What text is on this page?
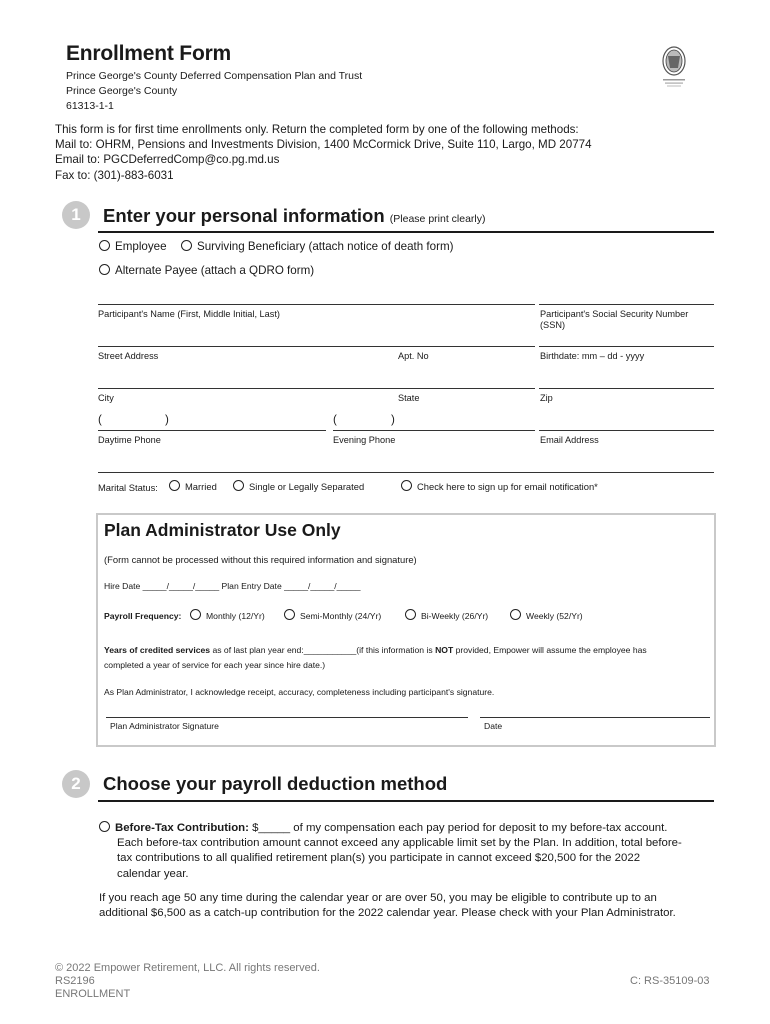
Enrollment Form
Prince George's County Deferred Compensation Plan and Trust
Prince George's County
61313-1-1
This form is for first time enrollments only. Return the completed form by one of the following methods:
Mail to: OHRM, Pensions and Investments Division, 1400 McCormick Drive, Suite 110, Largo, MD 20774
Email to: PGCDeferredComp@co.pg.md.us
Fax to: (301)-883-6031
1	Enter your personal information (Please print clearly)
Employee	Surviving Beneficiary (attach notice of death form)
Alternate Payee (attach a QDRO form)
Participant's Name (First, Middle Initial, Last)	Participant's Social Security Number
(SSN)
Street Address	Apt. No	Birthdate: mm – dd - yyyy
City	State	Zip
(	)	(	)
Daytime Phone	Evening Phone	Email Address
Marital Status:	Married	Single or Legally Separated	Check here to sign up for email notification*
Plan Administrator Use Only
(Form cannot be processed without this required information and signature)
Hire Date _____/_____/_____ Plan Entry Date _____/_____/_____
Payroll Frequency:	Monthly (12/Yr)	Semi-Monthly (24/Yr)	Bi-Weekly (26/Yr)	Weekly (52/Yr)
Years of credited services as of last plan year end:___________(if this information is NOT provided, Empower will assume the employee has
completed a year of service for each year since hire date.)
As Plan Administrator, I acknowledge receipt, accuracy, completeness including participant's signature.
Plan Administrator Signature	Date
2	Choose your payroll deduction method
Before-Tax Contribution: $_____ of my compensation each pay period for deposit to my before-tax account.
Each before-tax contribution amount cannot exceed any applicable limit set by the Plan. In addition, total before-
tax contributions to all qualified retirement plan(s) you participate in cannot exceed $20,500 for the 2022
calendar year.
If you reach age 50 any time during the calendar year or are over 50, you may be eligible to contribute up to an
additional $6,500 as a catch-up contribution for the 2022 calendar year. Please check with your Plan Administrator.
© 2022 Empower Retirement, LLC. All rights reserved.
RS2196
ENROLLMENT
C: RS-35109-03
